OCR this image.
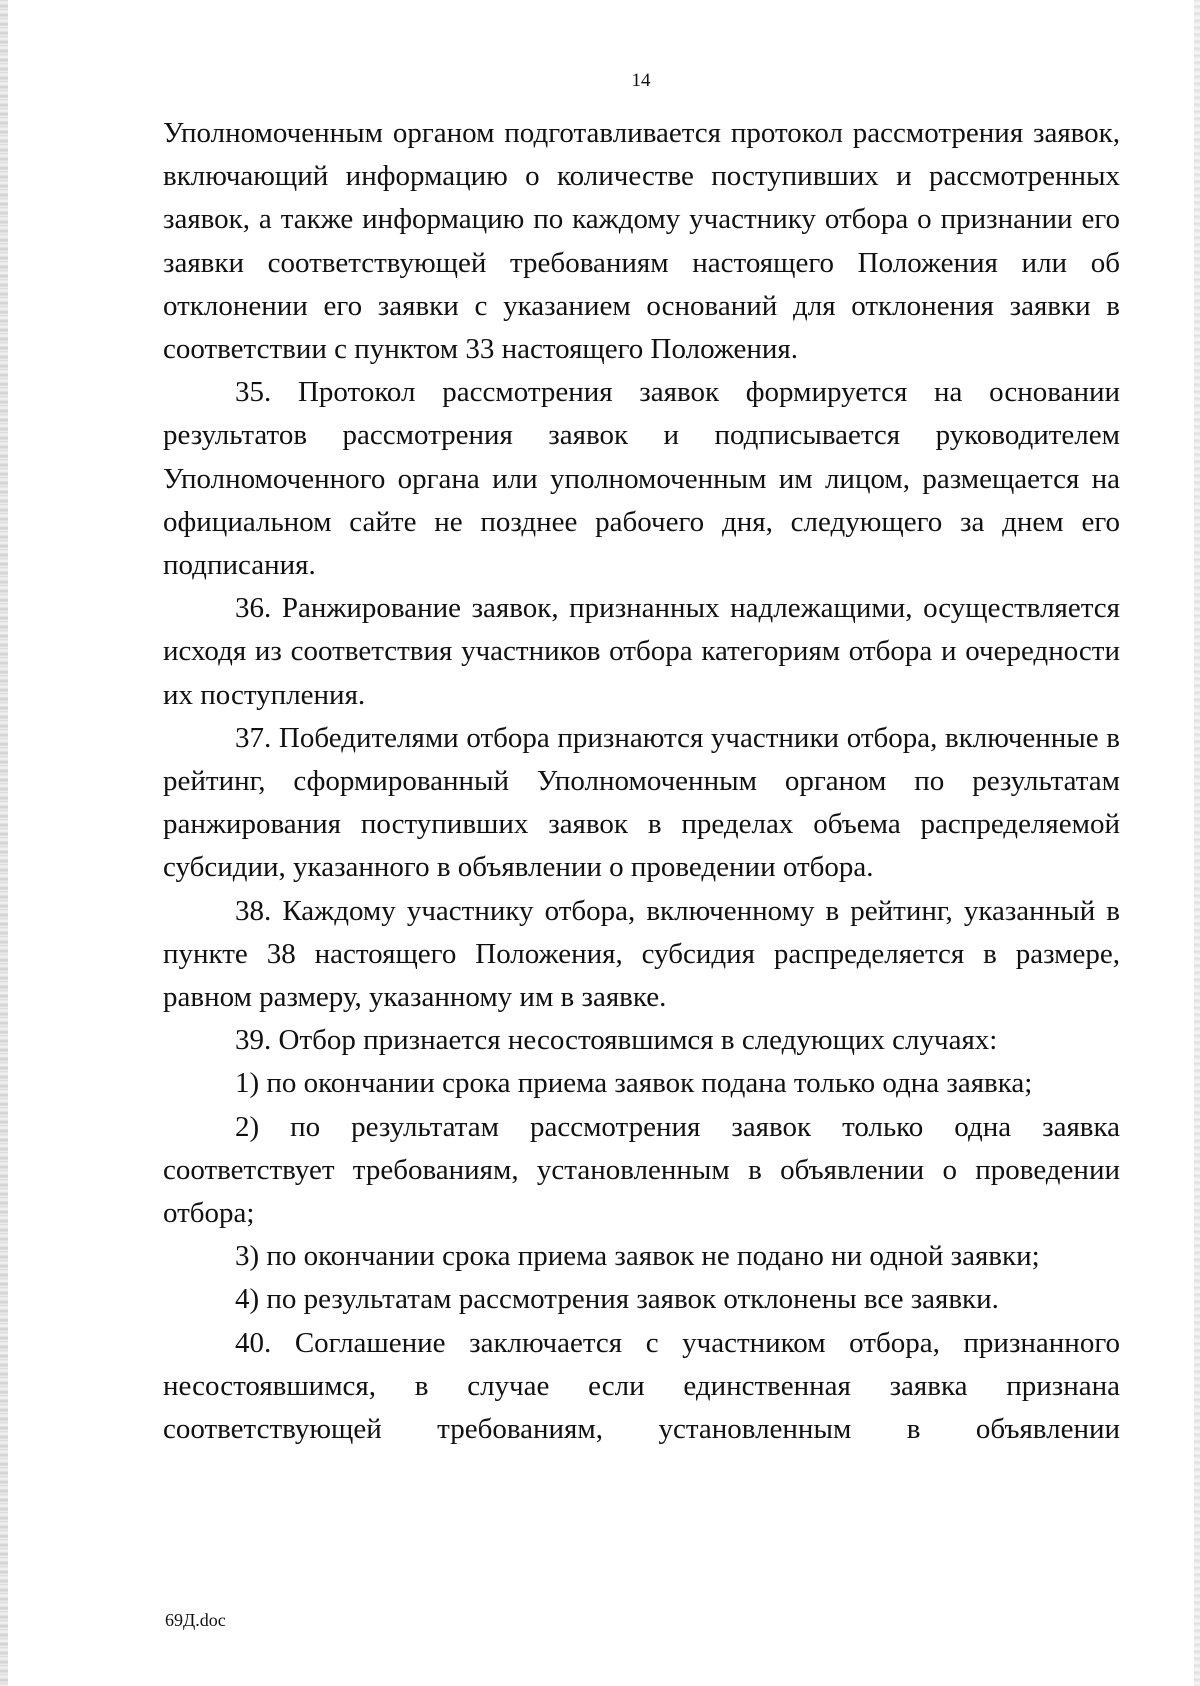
14

Уполномоченным органом подготавливается протокол рассмотрения заявок, включающий информацию о количестве поступивших и рассмотренных заявок, а также информацию по каждому участнику отбора о признании его заявки соответствующей требованиям настоящего Положения или об отклонении его заявки с указанием оснований для отклонения заявки в соответствии с пунктом 33 настоящего Положения.

35. Протокол рассмотрения заявок формируется на основании результатов рассмотрения заявок и подписывается руководителем Уполномоченного органа или уполномоченным им лицом, размещается на официальном сайте не позднее рабочего дня, следующего за днем его подписания.

36. Ранжирование заявок, признанных надлежащими, осуществляется исходя из соответствия участников отбора категориям отбора и очередности их поступления.

37. Победителями отбора признаются участники отбора, включенные в рейтинг, сформированный Уполномоченным органом по результатам ранжирования поступивших заявок в пределах объема распределяемой субсидии, указанного в объявлении о проведении отбора.

38. Каждому участнику отбора, включенному в рейтинг, указанный в пункте 38 настоящего Положения, субсидия распределяется в размере, равном размеру, указанному им в заявке.

39. Отбор признается несостоявшимся в следующих случаях:

1) по окончании срока приема заявок подана только одна заявка;

2) по результатам рассмотрения заявок только одна заявка соответствует требованиям, установленным в объявлении о проведении отбора;

3) по окончании срока приема заявок не подано ни одной заявки;

4) по результатам рассмотрения заявок отклонены все заявки.

40. Соглашение заключается с участником отбора, признанного несостоявшимся, в случае если единственная заявка признана соответствующей требованиям, установленным в объявлении

69Д.doc
